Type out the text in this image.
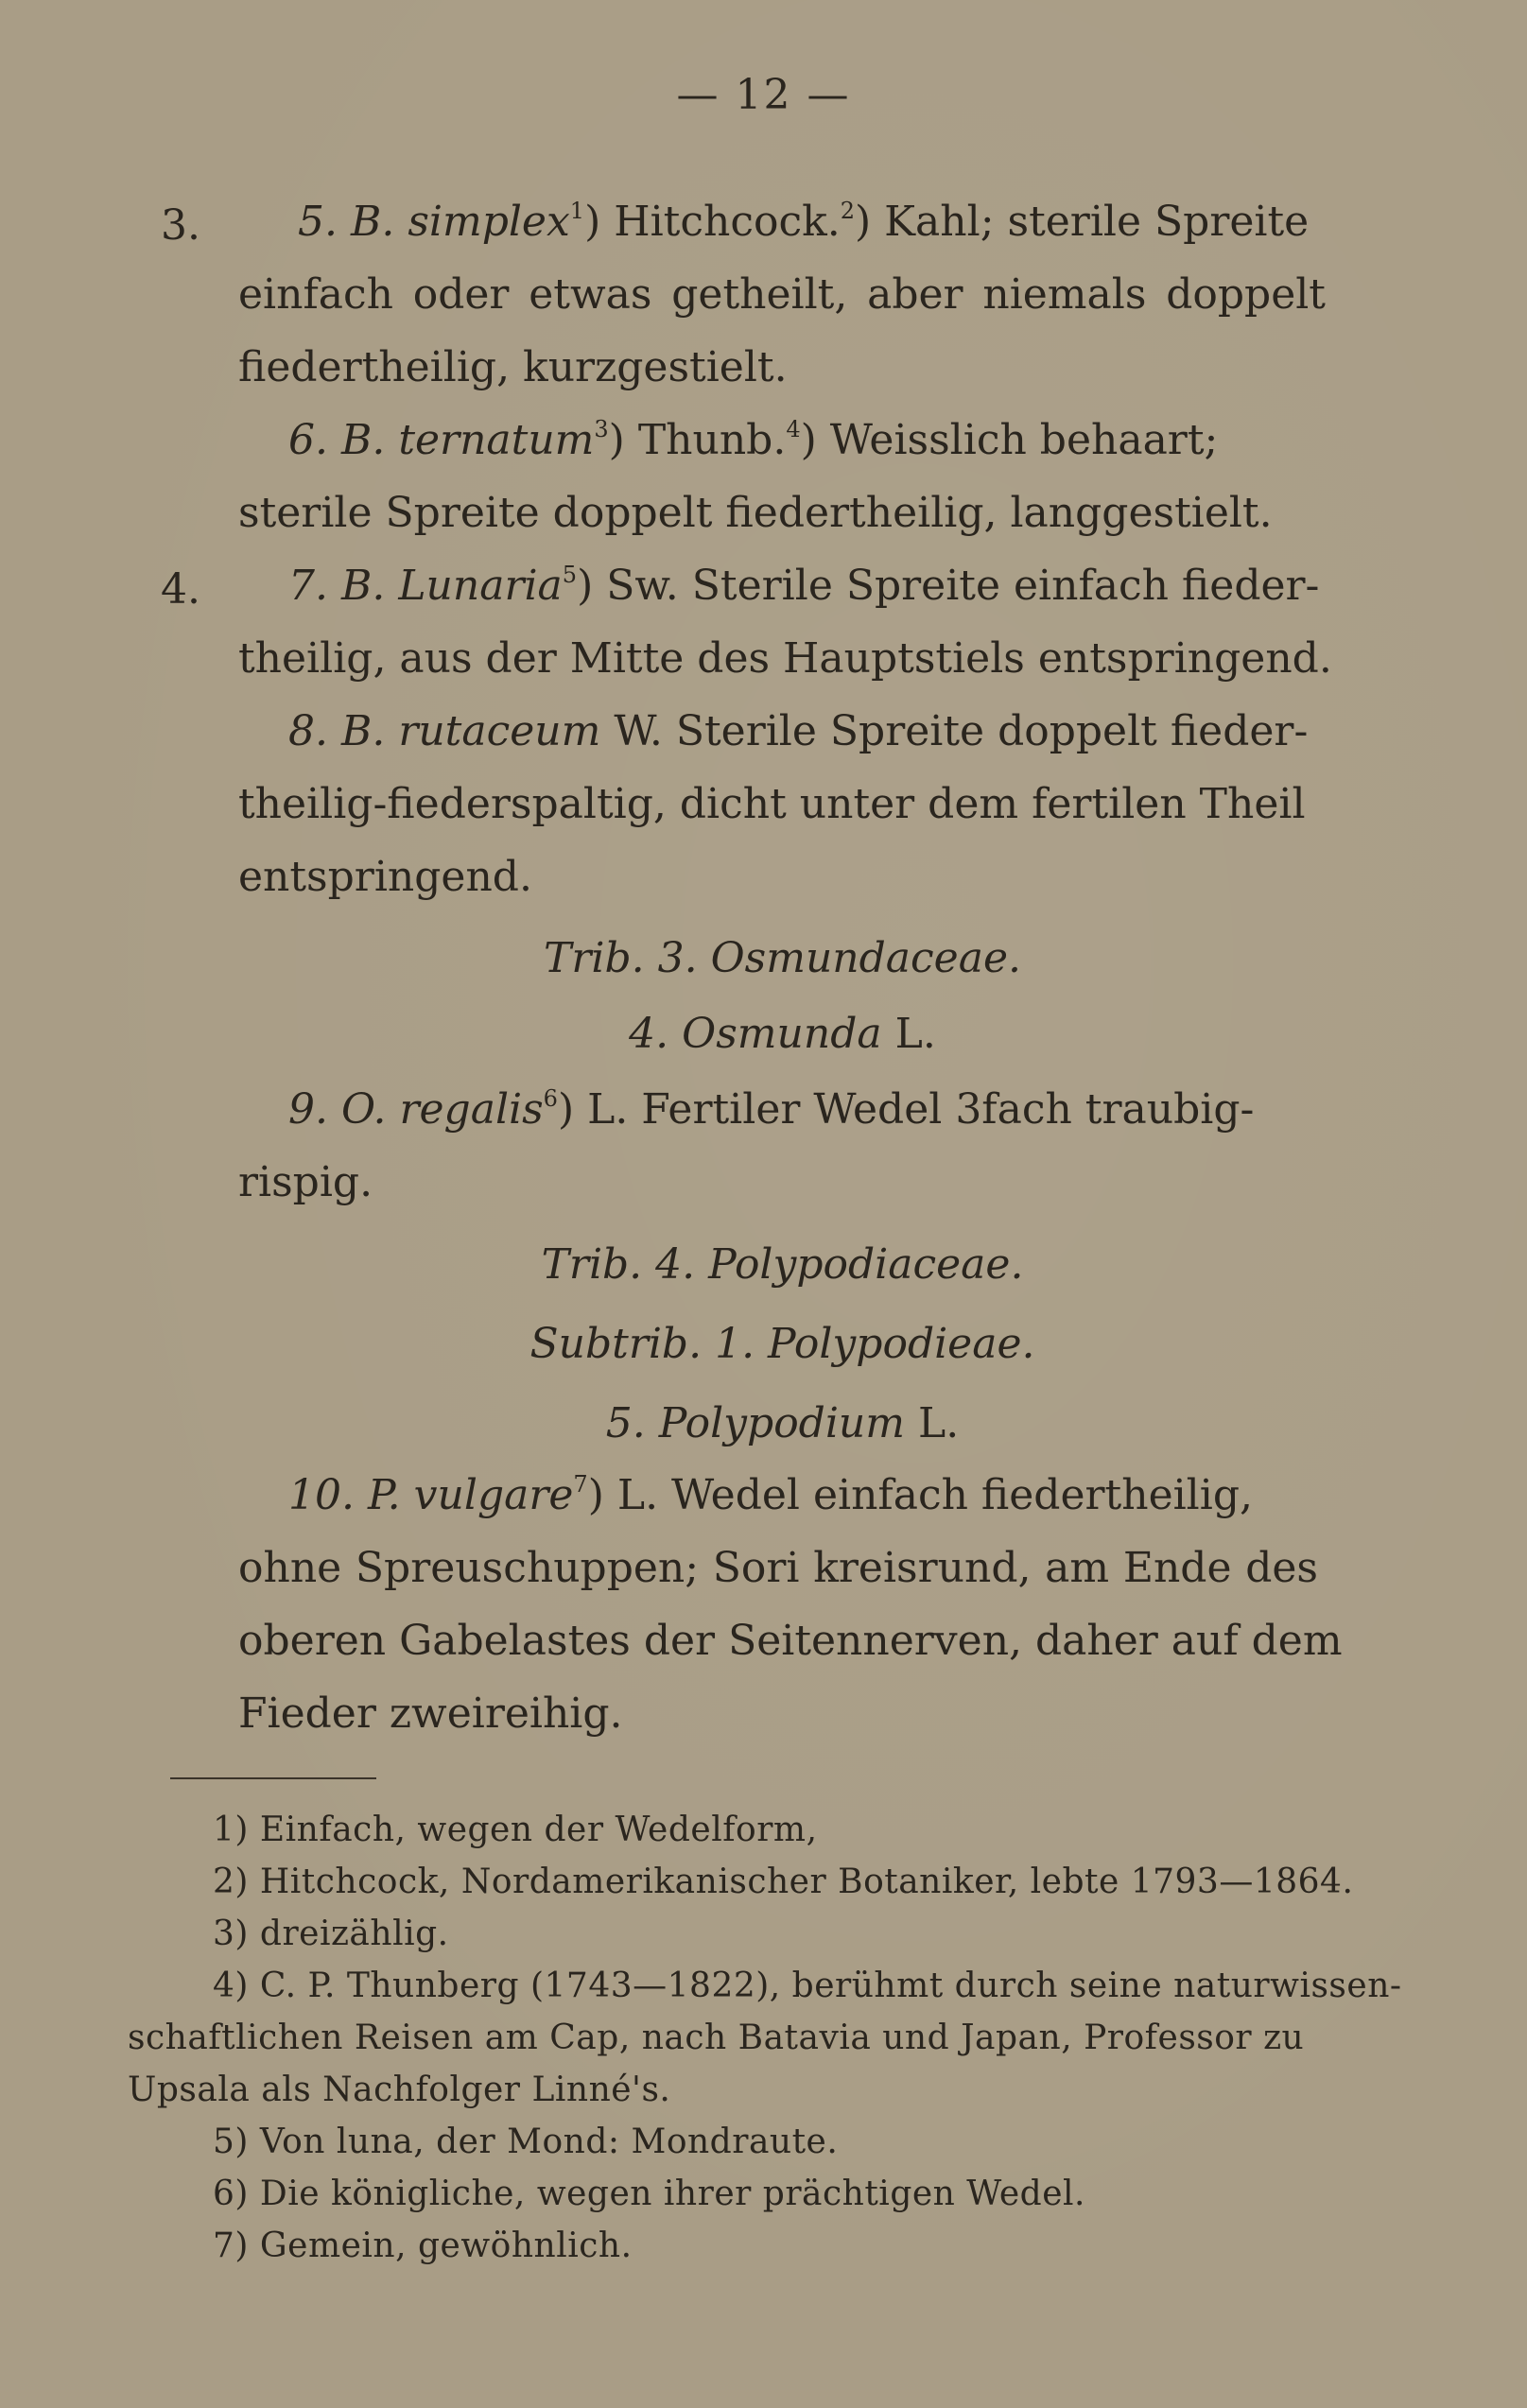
— 12 —
3. 5. B. simplex$^1$) Hitchcock.$^2$) Kahl; sterile Spreite
einfach oder etwas getheilt, aber niemals doppelt
fiedertheilig, kurzgestielt.
6. B. ternatum$^3$) Thunb.$^4$) Weisslich behaart;
sterile Spreite doppelt fiedertheilig, langgestielt.
4. 7. B. Lunaria$^5$) Sw. Sterile Spreite einfach fieder-
theilig, aus der Mitte des Hauptstiels entspringend.
8. B. rutaceum W. Sterile Spreite doppelt fieder-
theilig-fiederspaltig, dicht unter dem fertilen Theil
entspringend.
Trib. 3. Osmundaceae.
4. Osmunda L.
9. O. regalis$^6$) L. Fertiler Wedel 3fach traubig-
rispig.
Trib. 4. Polypodiaceae.
Subtrib. 1. Polypodieae.
5. Polypodium L.
10. P. vulgare$^7$) L. Wedel einfach fiedertheilig,
ohne Spreuschuppen; Sori kreisrund, am Ende des
oberen Gabelastes der Seitennerven, daher auf dem
Fieder zweireihig.
1) Einfach, wegen der Wedelform,
2) Hitchcock, Nordamerikanischer Botaniker, lebte 1793—1864.
3) dreizählig.
4) C. P. Thunberg (1743—1822), berühmt durch seine naturwissen-
schaftlichen Reisen am Cap, nach Batavia und Japan, Professor zu
Upsala als Nachfolger Linné's.
5) Von luna, der Mond: Mondraute.
6) Die königliche, wegen ihrer prächtigen Wedel.
7) Gemein, gewöhnlich.
